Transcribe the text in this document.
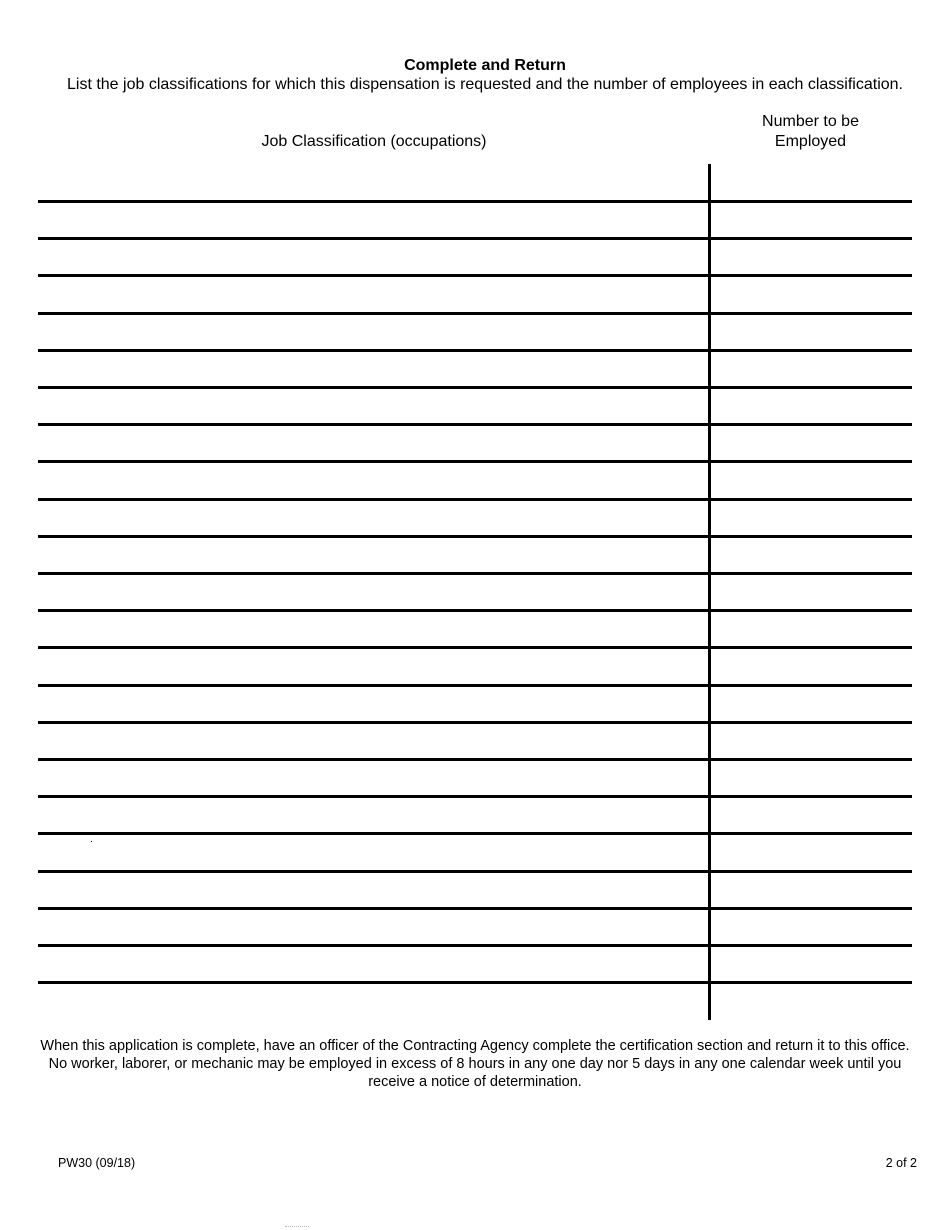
Complete and Return
List the job classifications for which this dispensation is requested and the number of employees in each classification.
Job Classification (occupations)
Number to be
Employed
When this application is complete, have an officer of the Contracting Agency complete the certification section and return it to this office. No worker, laborer, or mechanic may be employed in excess of 8 hours in any one day nor 5 days in any one calendar week until you receive a notice of determination.
PW30 (09/18)	2 of 2
